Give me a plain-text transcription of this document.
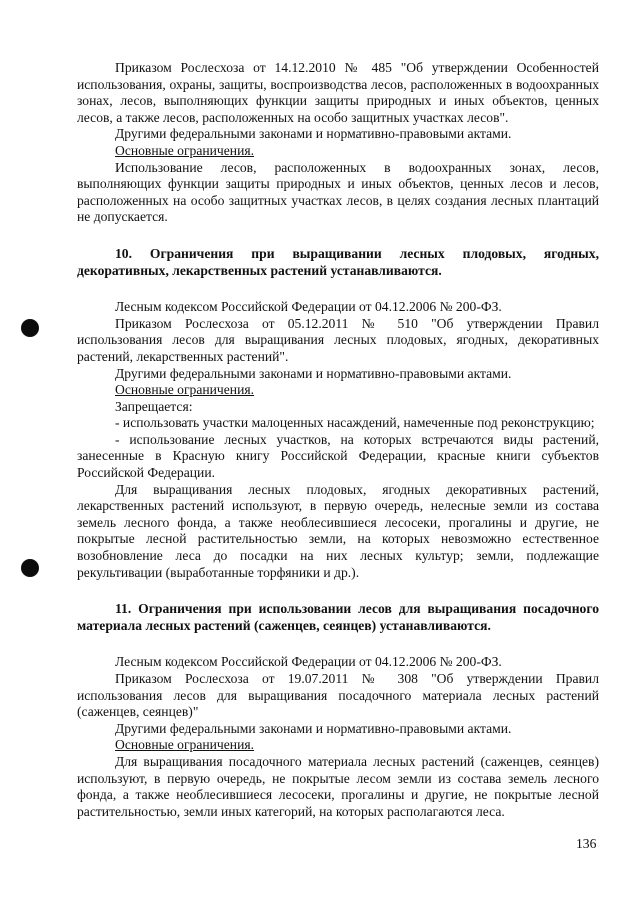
Приказом Рослесхоза от 14.12.2010 № 485 "Об утверждении Особенностей использования, охраны, защиты, воспроизводства лесов, расположенных в водоохранных зонах, лесов, выполняющих функции защиты природных и иных объектов, ценных лесов, а также лесов, расположенных на особо защитных участках лесов".

Другими федеральными законами и нормативно-правовыми актами.

Основные ограничения.

Использование лесов, расположенных в водоохранных зонах, лесов, выполняющих функции защиты природных и иных объектов, ценных лесов и лесов, расположенных на особо защитных участках лесов, в целях создания лесных плантаций не допускается.

10. Ограничения при выращивании лесных плодовых, ягодных, декоративных, лекарственных растений устанавливаются.

Лесным кодексом Российской Федерации от 04.12.2006 № 200-ФЗ.

Приказом Рослесхоза от 05.12.2011 № 510 "Об утверждении Правил использования лесов для выращивания лесных плодовых, ягодных, декоративных растений, лекарственных растений".

Другими федеральными законами и нормативно-правовыми актами.

Основные ограничения.

Запрещается:

- использовать участки малоценных насаждений, намеченные под реконструкцию;

- использование лесных участков, на которых встречаются виды растений, занесенные в Красную книгу Российской Федерации, красные книги субъектов Российской Федерации.

Для выращивания лесных плодовых, ягодных декоративных растений, лекарственных растений используют, в первую очередь, нелесные земли из состава земель лесного фонда, а также необлесившиеся лесосеки, прогалины и другие, не покрытые лесной растительностью земли, на которых невозможно естественное возобновление леса до посадки на них лесных культур; земли, подлежащие рекультивации (выработанные торфяники и др.).

11. Ограничения при использовании лесов для выращивания посадочного материала лесных растений (саженцев, сеянцев) устанавливаются.

Лесным кодексом Российской Федерации от 04.12.2006 № 200-ФЗ.

Приказом Рослесхоза от 19.07.2011 № 308 "Об утверждении Правил использования лесов для выращивания посадочного материала лесных растений (саженцев, сеянцев)"

Другими федеральными законами и нормативно-правовыми актами.

Основные ограничения.

Для выращивания посадочного материала лесных растений (саженцев, сеянцев) используют, в первую очередь, не покрытые лесом земли из состава земель лесного фонда, а также необлесившиеся лесосеки, прогалины и другие, не покрытые лесной растительностью, земли иных категорий, на которых располагаются леса.

136
